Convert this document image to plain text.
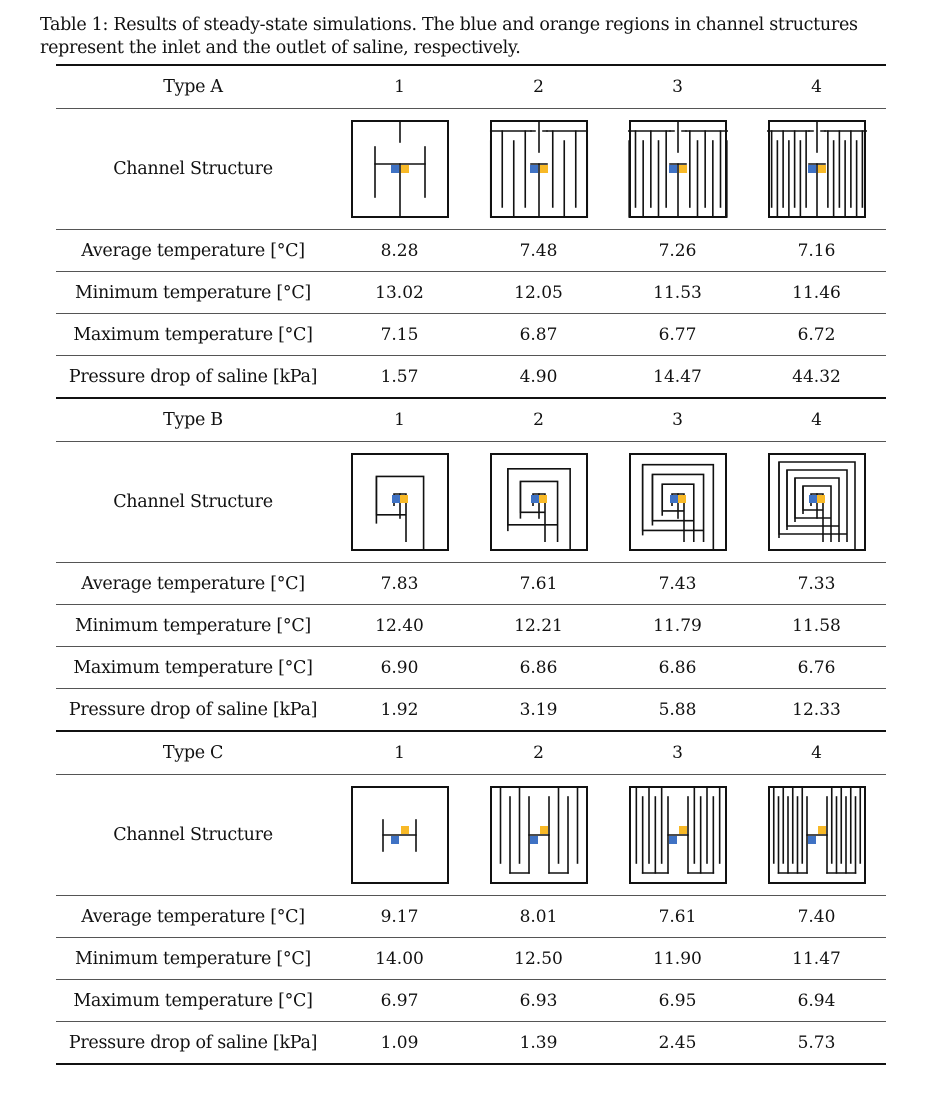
Table 1: Results of steady-state simulations. The blue and orange regions in channel structures represent the inlet and the outlet of saline, respectively.
Type A	1	2	3	4
Channel Structure
Average temperature [°C]	8.28	7.48	7.26	7.16
Minimum temperature [°C]	13.02	12.05	11.53	11.46
Maximum temperature [°C]	7.15	6.87	6.77	6.72
Pressure drop of saline [kPa]	1.57	4.90	14.47	44.32
Type B	1	2	3	4
Channel Structure
Average temperature [°C]	7.83	7.61	7.43	7.33
Minimum temperature [°C]	12.40	12.21	11.79	11.58
Maximum temperature [°C]	6.90	6.86	6.86	6.76
Pressure drop of saline [kPa]	1.92	3.19	5.88	12.33
Type C	1	2	3	4
Channel Structure
Average temperature [°C]	9.17	8.01	7.61	7.40
Minimum temperature [°C]	14.00	12.50	11.90	11.47
Maximum temperature [°C]	6.97	6.93	6.95	6.94
Pressure drop of saline [kPa]	1.09	1.39	2.45	5.73
